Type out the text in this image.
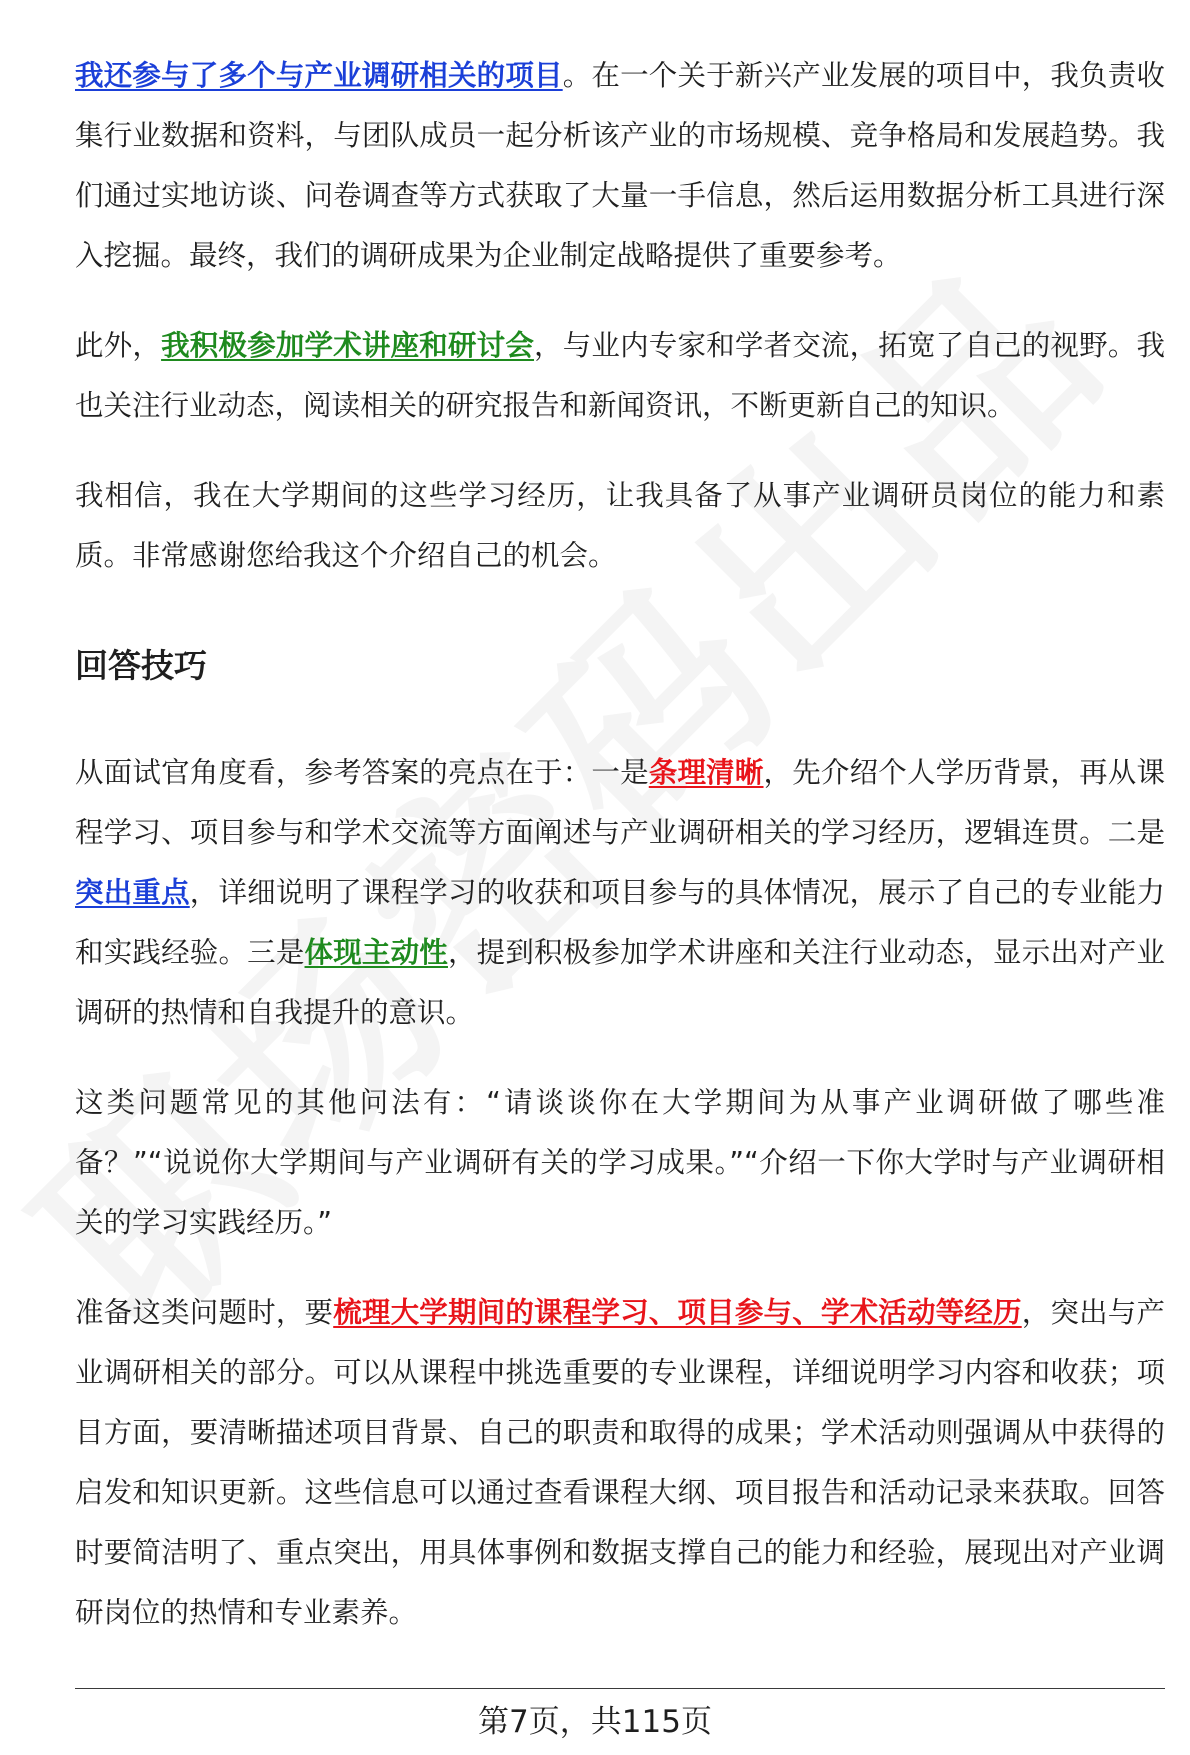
我还参与了多个与产业调研相关的项目。在一个关于新兴产业发展的项目中，我负责收集行业数据和资料，与团队成员一起分析该产业的市场规模、竞争格局和发展趋势。我们通过实地访谈、问卷调查等方式获取了大量一手信息，然后运用数据分析工具进行深入挖掘。最终，我们的调研成果为企业制定战略提供了重要参考。

此外，我积极参加学术讲座和研讨会，与业内专家和学者交流，拓宽了自己的视野。我也关注行业动态，阅读相关的研究报告和新闻资讯，不断更新自己的知识。

我相信，我在大学期间的这些学习经历，让我具备了从事产业调研员岗位的能力和素质。非常感谢您给我这个介绍自己的机会。

回答技巧

从面试官角度看，参考答案的亮点在于：一是条理清晰，先介绍个人学历背景，再从课程学习、项目参与和学术交流等方面阐述与产业调研相关的学习经历，逻辑连贯。二是突出重点，详细说明了课程学习的收获和项目参与的具体情况，展示了自己的专业能力和实践经验。三是体现主动性，提到积极参加学术讲座和关注行业动态，显示出对产业调研的热情和自我提升的意识。

这类问题常见的其他问法有：“请谈谈你在大学期间为从事产业调研做了哪些准备？”“说说你大学期间与产业调研有关的学习成果。”“介绍一下你大学时与产业调研相关的学习实践经历。”

准备这类问题时，要梳理大学期间的课程学习、项目参与、学术活动等经历，突出与产业调研相关的部分。可以从课程中挑选重要的专业课程，详细说明学习内容和收获；项目方面，要清晰描述项目背景、自己的职责和取得的成果；学术活动则强调从中获得的启发和知识更新。这些信息可以通过查看课程大纲、项目报告和活动记录来获取。回答时要简洁明了、重点突出，用具体事例和数据支撑自己的能力和经验，展现出对产业调研岗位的热情和专业素养。

第7页，共115页
